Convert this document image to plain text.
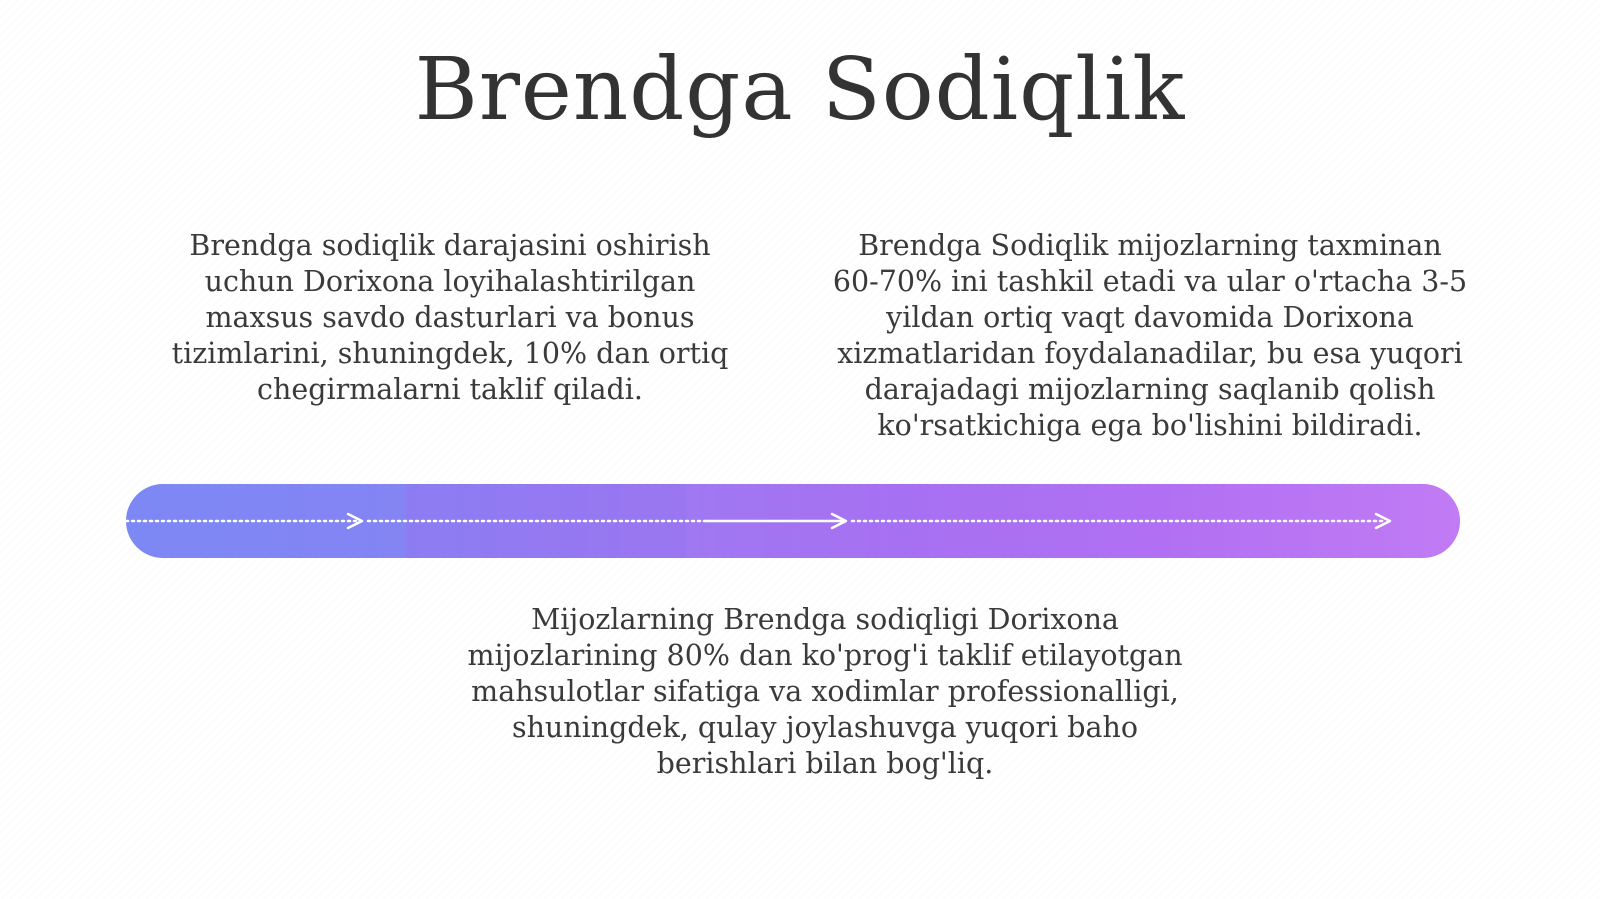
Brendga Sodiqlik

Brendga sodiqlik darajasini oshirish
uchun Dorixona loyihalashtirilgan
maxsus savdo dasturlari va bonus
tizimlarini, shuningdek, 10% dan ortiq
chegirmalarni taklif qiladi.

Brendga Sodiqlik mijozlarning taxminan
60-70% ini tashkil etadi va ular o'rtacha 3-5
yildan ortiq vaqt davomida Dorixona
xizmatlaridan foydalanadilar, bu esa yuqori
darajadagi mijozlarning saqlanib qolish
ko'rsatkichiga ega bo'lishini bildiradi.

Mijozlarning Brendga sodiqligi Dorixona
mijozlarining 80% dan ko'prog'i taklif etilayotgan
mahsulotlar sifatiga va xodimlar professionalligi,
shuningdek, qulay joylashuvga yuqori baho
berishlari bilan bog'liq.
